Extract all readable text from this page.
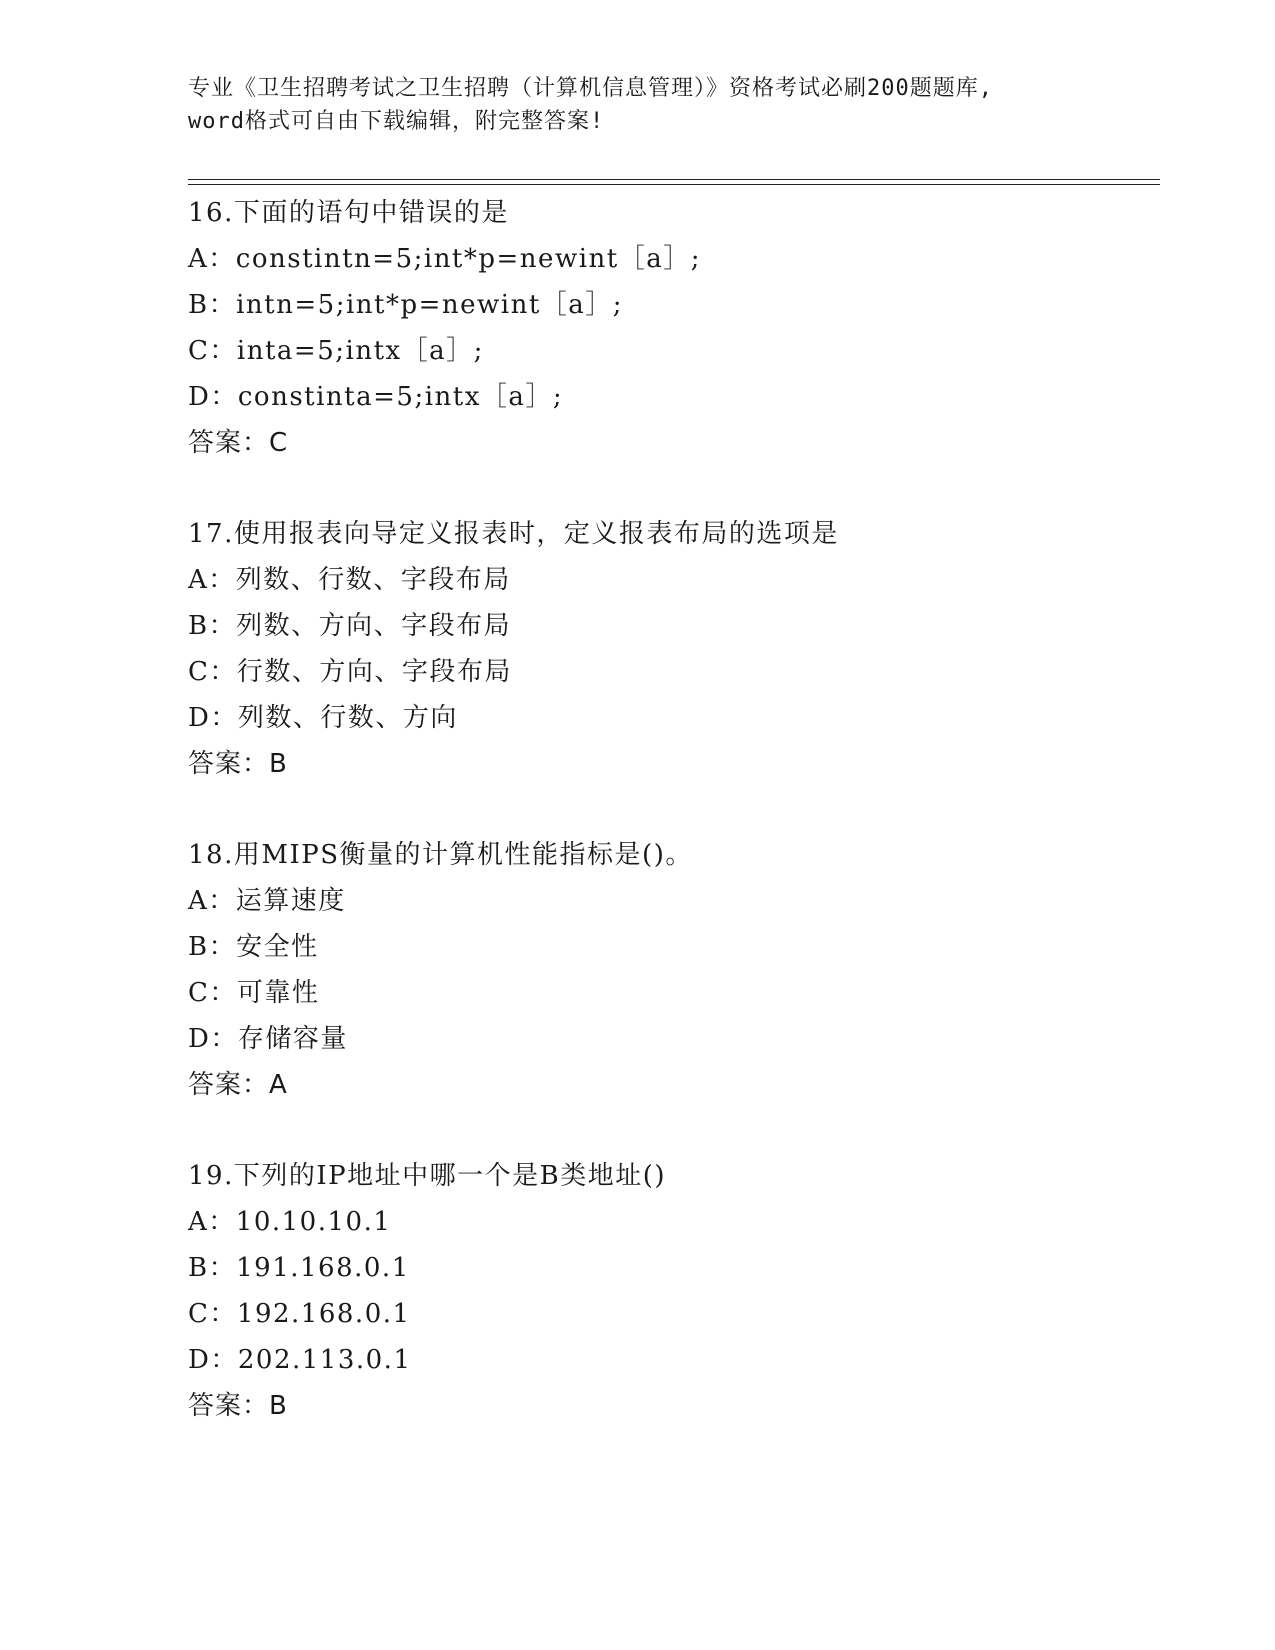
专业《卫生招聘考试之卫生招聘（计算机信息管理）》资格考试必刷200题题库,
word格式可自由下载编辑，附完整答案!
16.下面的语句中错误的是
A：constintn=5;int*p=newint［a］;
B：intn=5;int*p=newint［a］;
C：inta=5;intx［a］;
D：constinta=5;intx［a］;
答案：C
17.使用报表向导定义报表时，定义报表布局的选项是
A：列数、行数、字段布局
B：列数、方向、字段布局
C：行数、方向、字段布局
D：列数、行数、方向
答案：B
18.用MIPS衡量的计算机性能指标是()。
A：运算速度
B：安全性
C：可靠性
D：存储容量
答案：A
19.下列的IP地址中哪一个是B类地址()
A：10.10.10.1
B：191.168.0.1
C：192.168.0.1
D：202.113.0.1
答案：B
